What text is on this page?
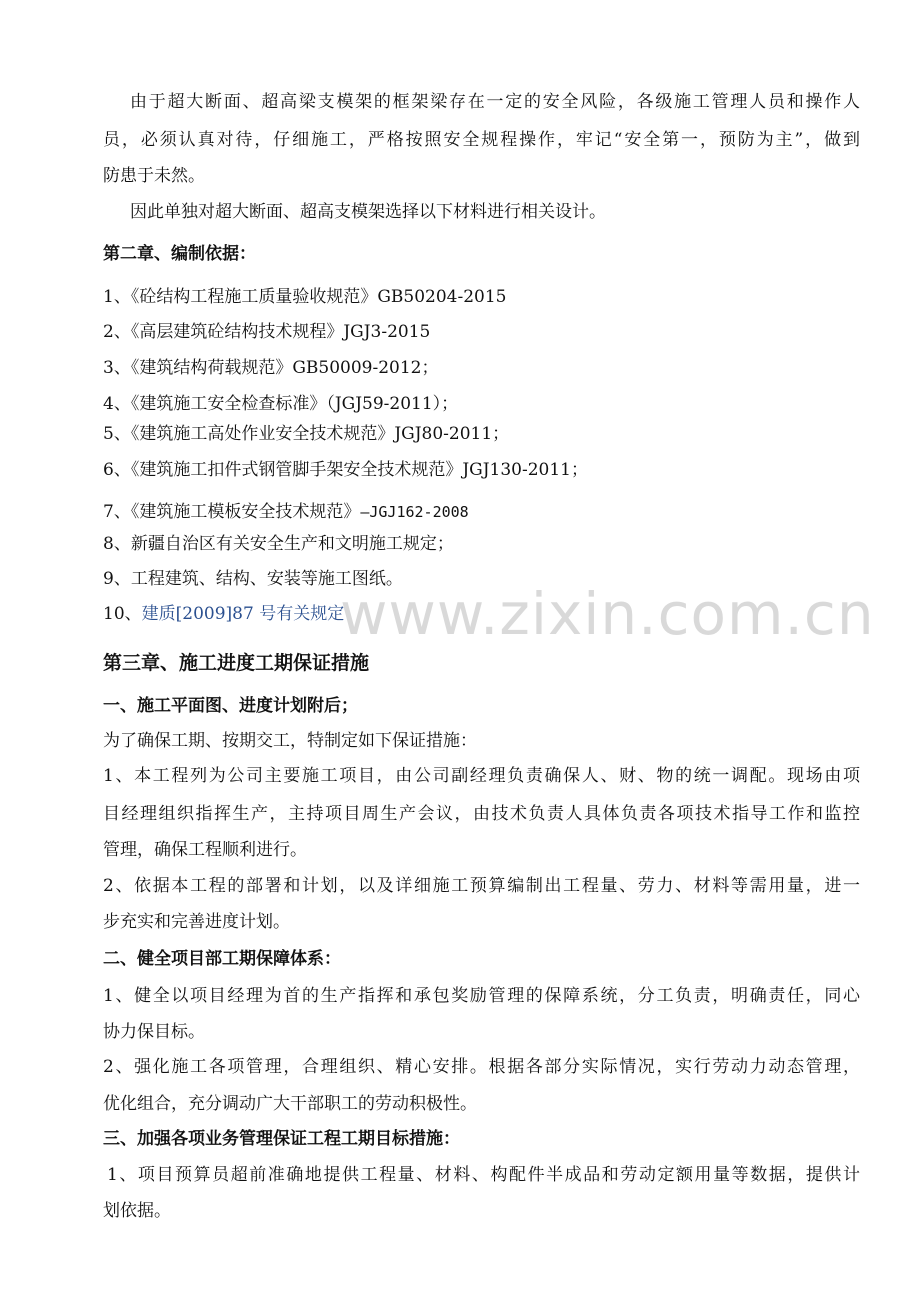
www.zixin.com.cn
由于超大断面、超高梁支模架的框架梁存在一定的安全风险，各级施工管理人员和操作人
员，必须认真对待，仔细施工，严格按照安全规程操作，牢记“安全第一，预防为主”，做到
防患于未然。
因此单独对超大断面、超高支模架选择以下材料进行相关设计。
第二章、编制依据：
1、《砼结构工程施工质量验收规范》GB50204-2015
2、《高层建筑砼结构技术规程》JGJ3-2015
3、《建筑结构荷载规范》GB50009-2012；
4、《建筑施工安全检查标准》（JGJ59-2011）；
5、《建筑施工高处作业安全技术规范》JGJ80-2011；
6、《建筑施工扣件式钢管脚手架安全技术规范》JGJ130-2011；
7、《建筑施工模板安全技术规范》—JGJ162-2008
8、新疆自治区有关安全生产和文明施工规定；
9、工程建筑、结构、安装等施工图纸。
10、建质[2009]87 号有关规定
第三章、施工进度工期保证措施
一、施工平面图、进度计划附后；
为了确保工期、按期交工，特制定如下保证措施：
1、本工程列为公司主要施工项目，由公司副经理负责确保人、财、物的统一调配。现场由项
目经理组织指挥生产，主持项目周生产会议，由技术负责人具体负责各项技术指导工作和监控
管理，确保工程顺利进行。
2、依据本工程的部署和计划，以及详细施工预算编制出工程量、劳力、材料等需用量，进一
步充实和完善进度计划。
二、健全项目部工期保障体系：
1、健全以项目经理为首的生产指挥和承包奖励管理的保障系统，分工负责，明确责任，同心
协力保目标。
2、强化施工各项管理，合理组织、精心安排。根据各部分实际情况，实行劳动力动态管理，
优化组合，充分调动广大干部职工的劳动积极性。
三、加强各项业务管理保证工程工期目标措施：
1、项目预算员超前准确地提供工程量、材料、构配件半成品和劳动定额用量等数据，提供计
划依据。
